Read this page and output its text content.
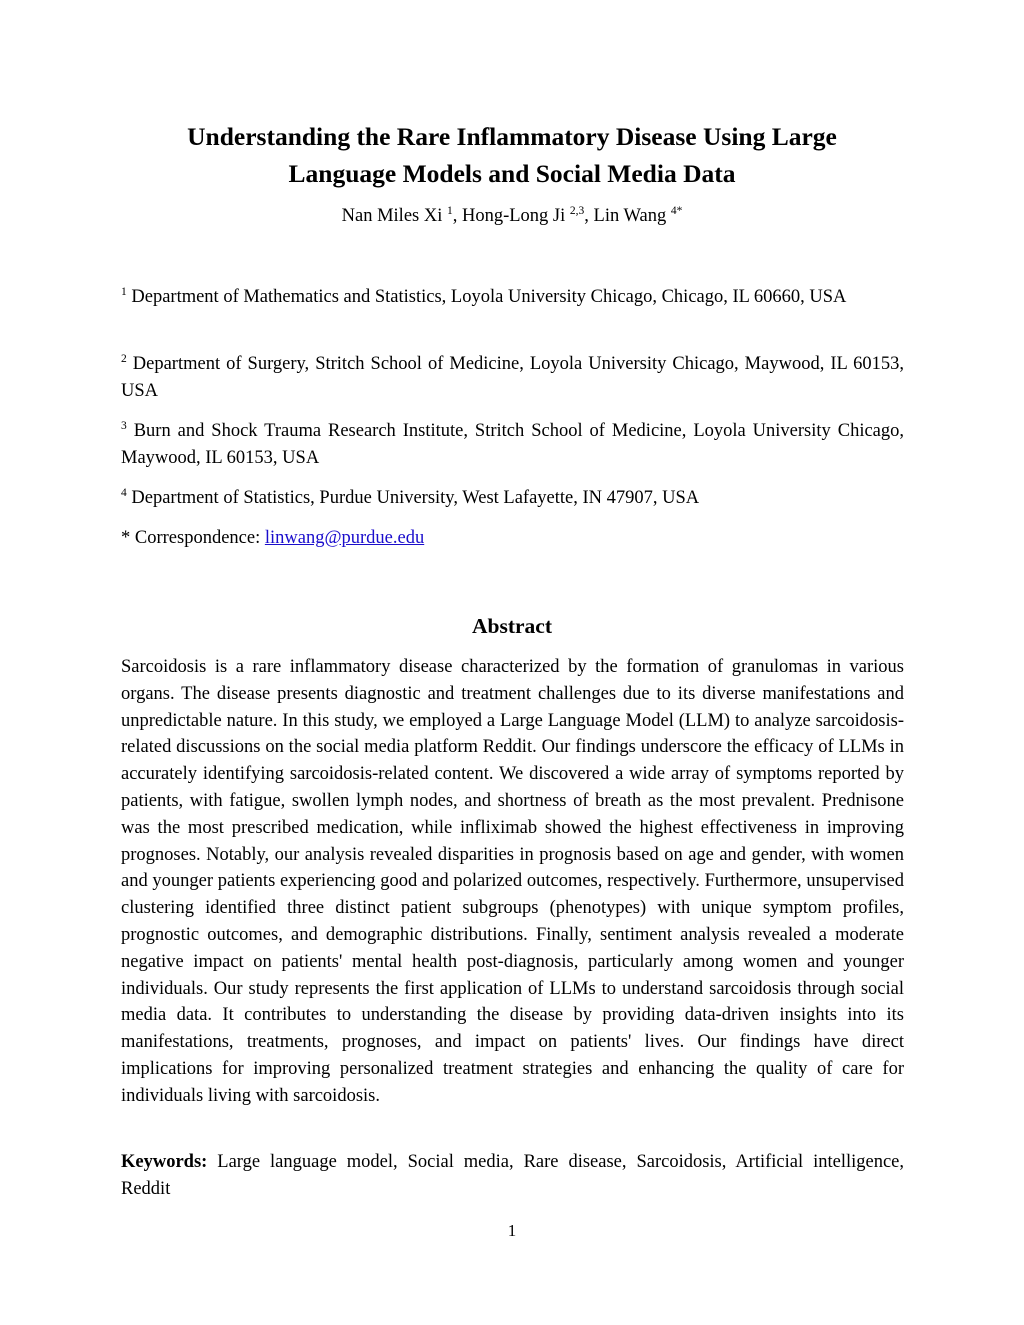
Understanding the Rare Inflammatory Disease Using Large
Language Models and Social Media Data
Nan Miles Xi $^1$, Hong-Long Ji $^{2,3}$, Lin Wang $^{4*}$
$^1$ Department of Mathematics and Statistics, Loyola University Chicago, Chicago, IL 60660, USA
$^2$ Department of Surgery, Stritch School of Medicine, Loyola University Chicago, Maywood, IL 60153, USA
$^3$ Burn and Shock Trauma Research Institute, Stritch School of Medicine, Loyola University Chicago, Maywood, IL 60153, USA
$^4$ Department of Statistics, Purdue University, West Lafayette, IN 47907, USA
* Correspondence: linwang@purdue.edu
Abstract

Sarcoidosis is a rare inflammatory disease characterized by the formation of granulomas in various organs. The disease presents diagnostic and treatment challenges due to its diverse manifestations and unpredictable nature. In this study, we employed a Large Language Model (LLM) to analyze sarcoidosis-related discussions on the social media platform Reddit. Our findings underscore the efficacy of LLMs in accurately identifying sarcoidosis-related content. We discovered a wide array of symptoms reported by patients, with fatigue, swollen lymph nodes, and shortness of breath as the most prevalent. Prednisone was the most prescribed medication, while infliximab showed the highest effectiveness in improving prognoses. Notably, our analysis revealed disparities in prognosis based on age and gender, with women and younger patients experiencing good and polarized outcomes, respectively. Furthermore, unsupervised clustering identified three distinct patient subgroups (phenotypes) with unique symptom profiles, prognostic outcomes, and demographic distributions. Finally, sentiment analysis revealed a moderate negative impact on patients' mental health post-diagnosis, particularly among women and younger individuals. Our study represents the first application of LLMs to understand sarcoidosis through social media data. It contributes to understanding the disease by providing data-driven insights into its manifestations, treatments, prognoses, and impact on patients' lives. Our findings have direct implications for improving personalized treatment strategies and enhancing the quality of care for individuals living with sarcoidosis.

Keywords: Large language model, Social media, Rare disease, Sarcoidosis, Artificial intelligence, Reddit

1
